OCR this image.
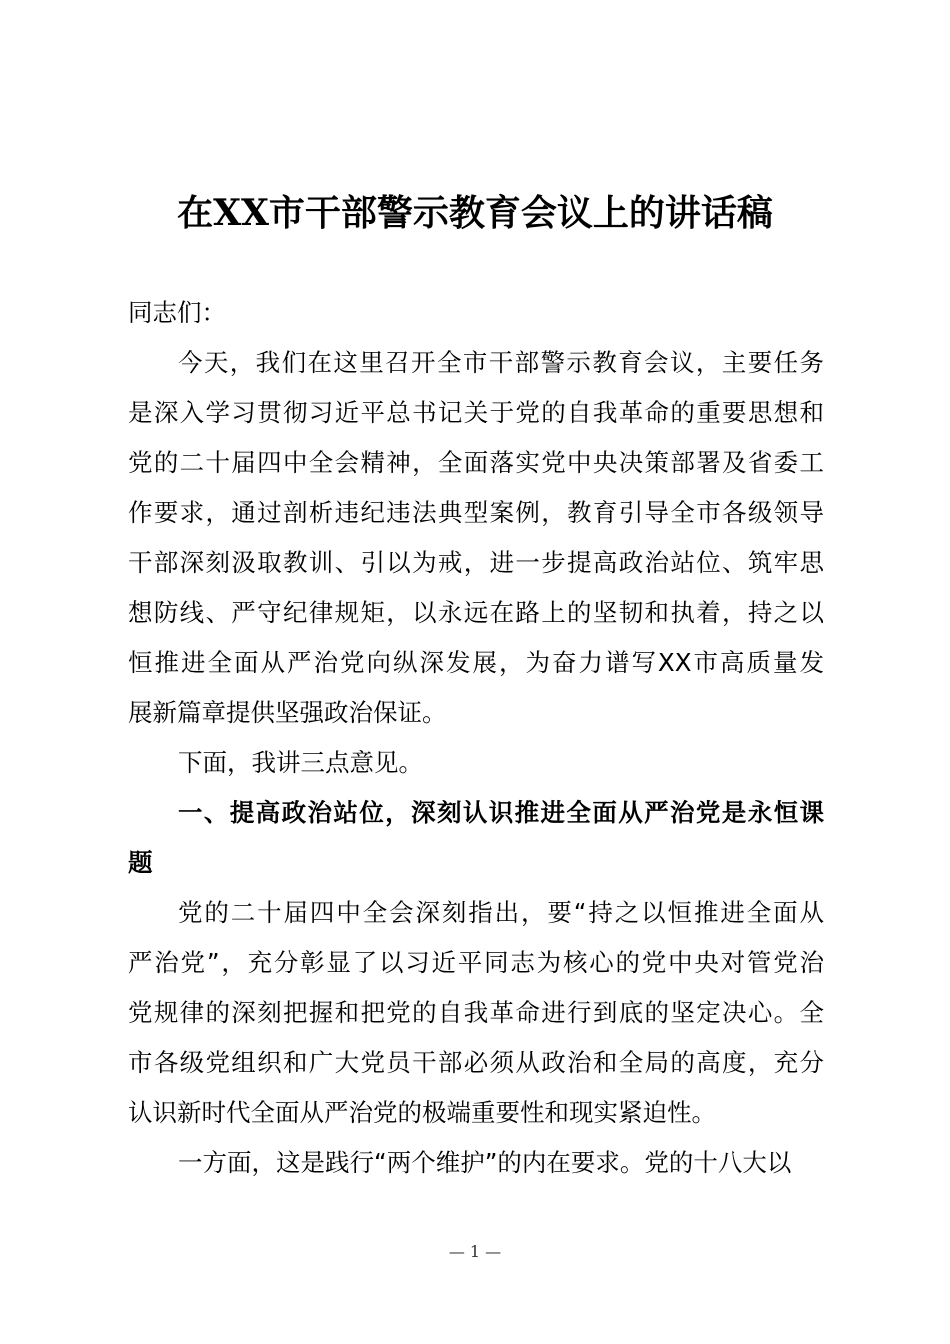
在XX市干部警示教育会议上的讲话稿
同志们：
今天，我们在这里召开全市干部警示教育会议，主要任务
是深入学习贯彻习近平总书记关于党的自我革命的重要思想和
党的二十届四中全会精神，全面落实党中央决策部署及省委工
作要求，通过剖析违纪违法典型案例，教育引导全市各级领导
干部深刻汲取教训、引以为戒，进一步提高政治站位、筑牢思
想防线、严守纪律规矩，以永远在路上的坚韧和执着，持之以
恒推进全面从严治党向纵深发展，为奋力谱写XX市高质量发
展新篇章提供坚强政治保证。
下面，我讲三点意见。
一、提高政治站位，深刻认识推进全面从严治党是永恒课
题
党的二十届四中全会深刻指出，要“持之以恒推进全面从
严治党”，充分彰显了以习近平同志为核心的党中央对管党治
党规律的深刻把握和把党的自我革命进行到底的坚定决心。全
市各级党组织和广大党员干部必须从政治和全局的高度，充分
认识新时代全面从严治党的极端重要性和现实紧迫性。
一方面，这是践行“两个维护”的内在要求。党的十八大以
— 1 —
